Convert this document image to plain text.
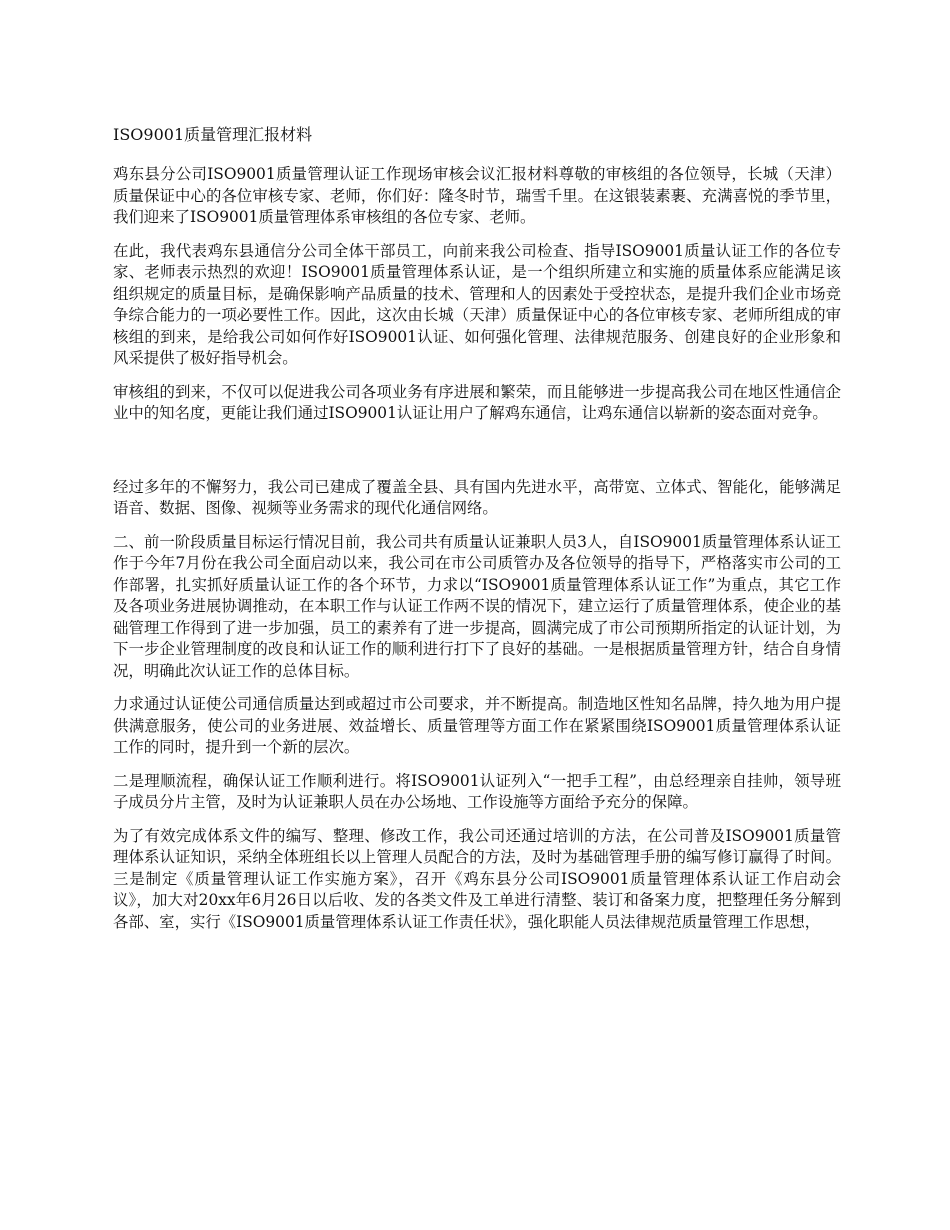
ISO9001质量管理汇报材料

鸡东县分公司ISO9001质量管理认证工作现场审核会议汇报材料尊敬的审核组的各位领导，长城（天津）质量保证中心的各位审核专家、老师，你们好：隆冬时节，瑞雪千里。在这银装素裹、充满喜悦的季节里，我们迎来了ISO9001质量管理体系审核组的各位专家、老师。

在此，我代表鸡东县通信分公司全体干部员工，向前来我公司检查、指导ISO9001质量认证工作的各位专家、老师表示热烈的欢迎！ISO9001质量管理体系认证，是一个组织所建立和实施的质量体系应能满足该组织规定的质量目标，是确保影响产品质量的技术、管理和人的因素处于受控状态，是提升我们企业市场竞争综合能力的一项必要性工作。因此，这次由长城（天津）质量保证中心的各位审核专家、老师所组成的审核组的到来，是给我公司如何作好ISO9001认证、如何强化管理、法律规范服务、创建良好的企业形象和风采提供了极好指导机会。

审核组的到来，不仅可以促进我公司各项业务有序进展和繁荣，而且能够进一步提高我公司在地区性通信企业中的知名度，更能让我们通过ISO9001认证让用户了解鸡东通信，让鸡东通信以崭新的姿态面对竞争。

经过多年的不懈努力，我公司已建成了覆盖全县、具有国内先进水平，高带宽、立体式、智能化，能够满足语音、数据、图像、视频等业务需求的现代化通信网络。

二、前一阶段质量目标运行情况目前，我公司共有质量认证兼职人员3人，自ISO9001质量管理体系认证工作于今年7月份在我公司全面启动以来，我公司在市公司质管办及各位领导的指导下，严格落实市公司的工作部署，扎实抓好质量认证工作的各个环节，力求以“ISO9001质量管理体系认证工作”为重点，其它工作及各项业务进展协调推动，在本职工作与认证工作两不误的情况下，建立运行了质量管理体系，使企业的基础管理工作得到了进一步加强，员工的素养有了进一步提高，圆满完成了市公司预期所指定的认证计划，为下一步企业管理制度的改良和认证工作的顺利进行打下了良好的基础。一是根据质量管理方针，结合自身情况，明确此次认证工作的总体目标。

力求通过认证使公司通信质量达到或超过市公司要求，并不断提高。制造地区性知名品牌，持久地为用户提供满意服务，使公司的业务进展、效益增长、质量管理等方面工作在紧紧围绕ISO9001质量管理体系认证工作的同时，提升到一个新的层次。

二是理顺流程，确保认证工作顺利进行。将ISO9001认证列入“一把手工程”，由总经理亲自挂帅，领导班子成员分片主管，及时为认证兼职人员在办公场地、工作设施等方面给予充分的保障。

为了有效完成体系文件的编写、整理、修改工作，我公司还通过培训的方法，在公司普及ISO9001质量管理体系认证知识，采纳全体班组长以上管理人员配合的方法，及时为基础管理手册的编写修订赢得了时间。三是制定《质量管理认证工作实施方案》，召开《鸡东县分公司ISO9001质量管理体系认证工作启动会议》，加大对20xx年6月26日以后收、发的各类文件及工单进行清整、装订和备案力度，把整理任务分解到各部、室，实行《ISO9001质量管理体系认证工作责任状》，强化职能人员法律规范质量管理工作思想，
